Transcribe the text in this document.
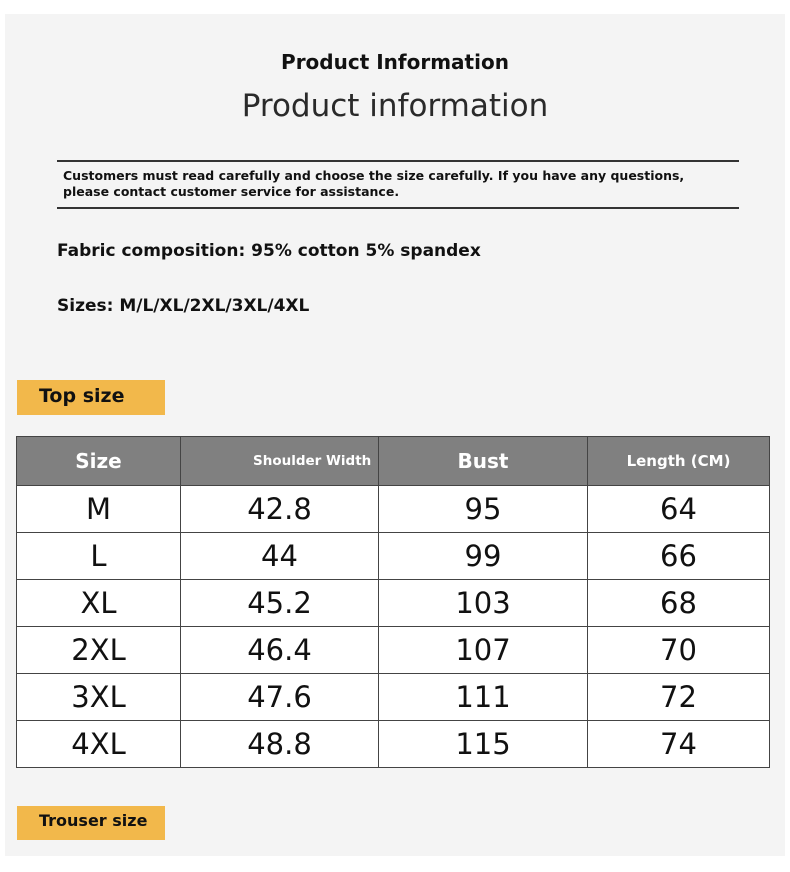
Product Information
Product information
Customers must read carefully and choose the size carefully. If you have any questions, please contact customer service for assistance.
Fabric composition: 95% cotton 5% spandex
Sizes: M/L/XL/2XL/3XL/4XL
Top size
Size	Shoulder Width	Bust	Length (CM)
M	42.8	95	64
L	44	99	66
XL	45.2	103	68
2XL	46.4	107	70
3XL	47.6	111	72
4XL	48.8	115	74
Trouser size
